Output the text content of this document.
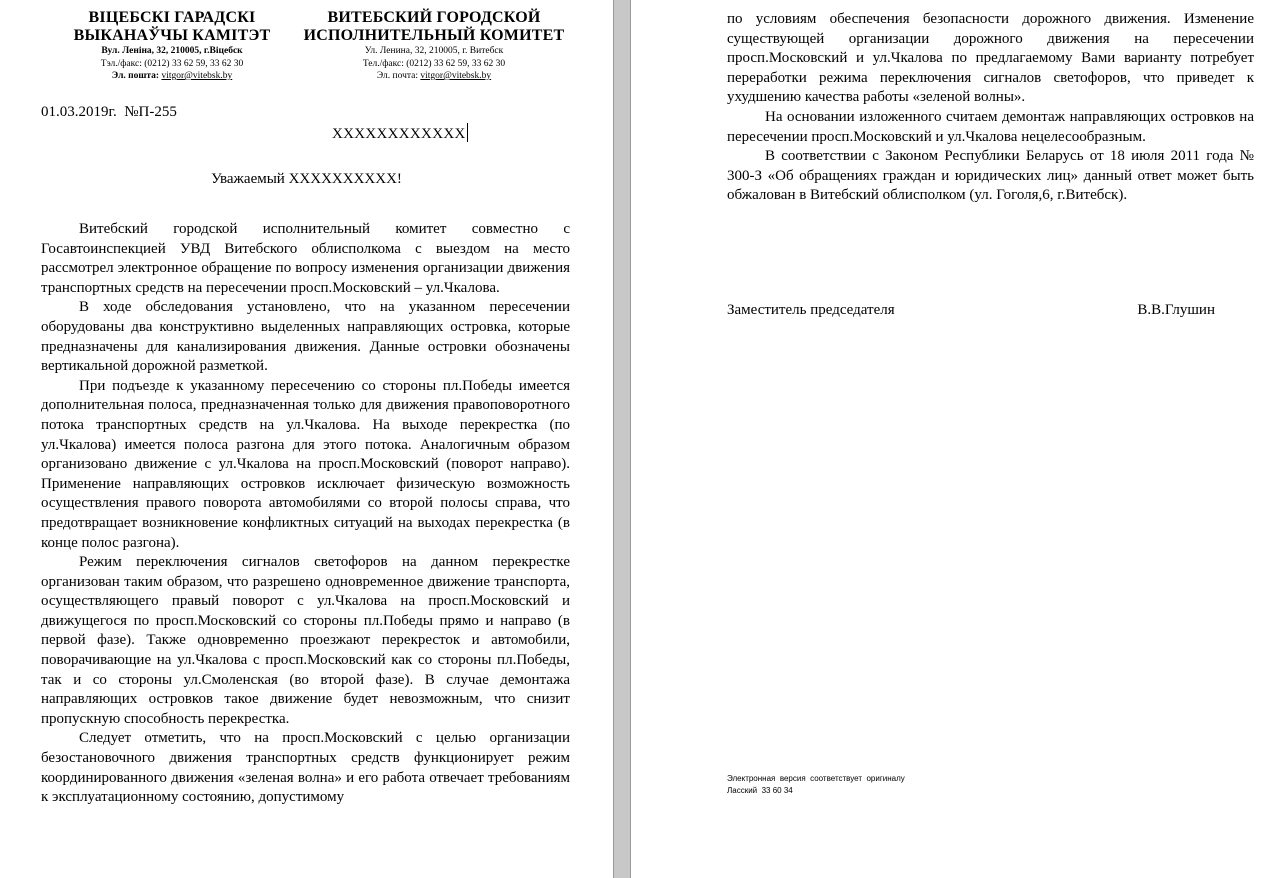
ВІЦЕБСКІ ГАРАДСКІ
ВЫКАНАЎЧЫ КАМІТЭТ
Вул. Леніна, 32, 210005, г.Віцебск
Тэл./факс: (0212) 33 62 59, 33 62 30
Эл. пошта: vitgor@vitebsk.by
ВИТЕБСКИЙ ГОРОДСКОЙ
ИСПОЛНИТЕЛЬНЫЙ КОМИТЕТ
Ул. Ленина, 32, 210005, г. Витебск
Тел./факс: (0212) 33 62 59, 33 62 30
Эл. почта: vitgor@vitebsk.by
01.03.2019г.  №П-255
ХХХХХХХХХХХХ
Уважаемый ХХХХХХХХХХ!

Витебский городской исполнительный комитет совместно с Госавтоинспекцией УВД Витебского облисполкома с выездом на место рассмотрел электронное обращение по вопросу изменения организации движения транспортных средств на пересечении просп.Московский – ул.Чкалова.

В ходе обследования установлено, что на указанном пересечении оборудованы два конструктивно выделенных направляющих островка, которые предназначены для канализирования движения. Данные островки обозначены вертикальной дорожной разметкой.

При подъезде к указанному пересечению со стороны пл.Победы имеется дополнительная полоса, предназначенная только для движения правоповоротного потока транспортных средств на ул.Чкалова. На выходе перекрестка (по ул.Чкалова) имеется полоса разгона для этого потока. Аналогичным образом организовано движение с ул.Чкалова на просп.Московский (поворот направо). Применение направляющих островков исключает физическую возможность осуществления правого поворота автомобилями со второй полосы справа, что предотвращает возникновение конфликтных ситуаций на выходах перекрестка (в конце полос разгона).

Режим переключения сигналов светофоров на данном перекрестке организован таким образом, что разрешено одновременное движение транспорта, осуществляющего правый поворот с ул.Чкалова на просп.Московский и движущегося по просп.Московский со стороны пл.Победы прямо и направо (в первой фазе). Также одновременно проезжают перекресток и автомобили, поворачивающие на ул.Чкалова с просп.Московский как со стороны пл.Победы, так и со стороны ул.Смоленская (во второй фазе). В случае демонтажа направляющих островков такое движение будет невозможным, что снизит пропускную способность перекрестка.

Следует отметить, что на просп.Московский с целью организации безостановочного движения транспортных средств функционирует режим координированного движения «зеленая волна» и его работа отвечает требованиям к эксплуатационному состоянию, допустимому

по условиям обеспечения безопасности дорожного движения. Изменение существующей организации дорожного движения на пересечении просп.Московский и ул.Чкалова по предлагаемому Вами варианту потребует переработки режима переключения сигналов светофоров, что приведет к ухудшению качества работы «зеленой волны».

На основании изложенного считаем демонтаж направляющих островков на пересечении просп.Московский и ул.Чкалова нецелесообразным.

В соответствии с Законом Республики Беларусь от 18 июля 2011 года № 300-З «Об обращениях граждан и юридических лиц» данный ответ может быть обжалован в Витебский облисполком (ул. Гоголя,6, г.Витебск).

Заместитель председателя	В.В.Глушин
Электронная  версия  соответствует  оригиналу
Ласский  33 60 34
